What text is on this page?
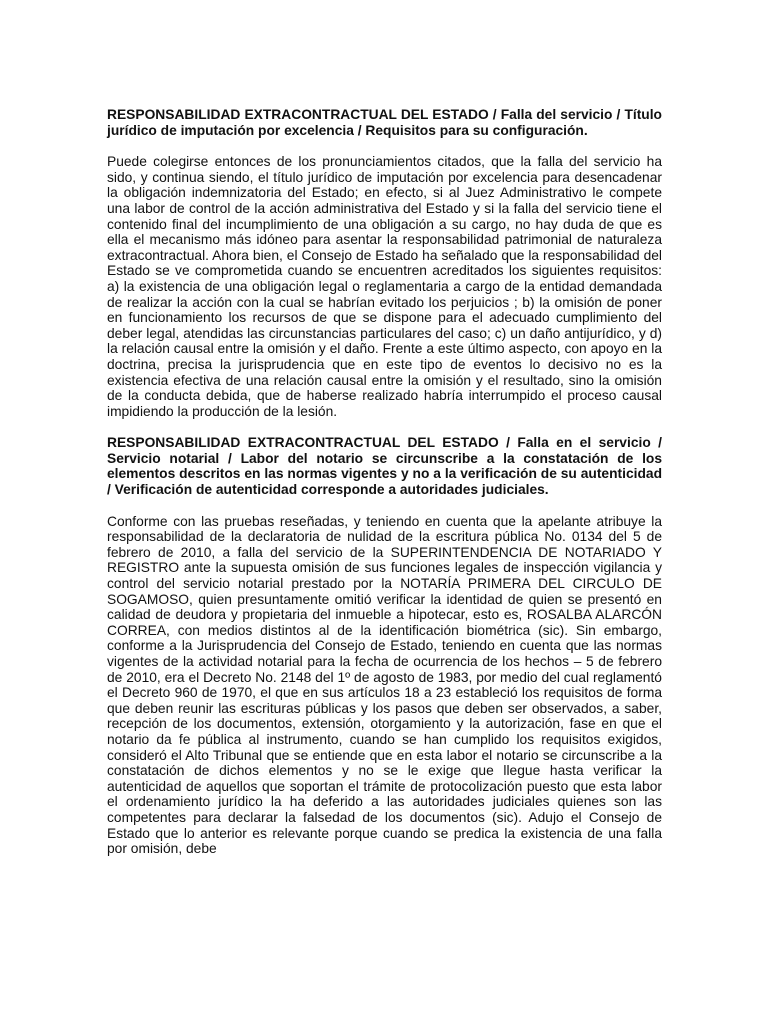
RESPONSABILIDAD EXTRACONTRACTUAL DEL ESTADO / Falla del servicio / Título jurídico de imputación por excelencia / Requisitos para su configuración.

Puede colegirse entonces de los pronunciamientos citados, que la falla del servicio ha sido, y continua siendo, el título jurídico de imputación por excelencia para desencadenar la obligación indemnizatoria del Estado; en efecto, si al Juez Administrativo le compete una labor de control de la acción administrativa del Estado y si la falla del servicio tiene el contenido final del incumplimiento de una obligación a su cargo, no hay duda de que es ella el mecanismo más idóneo para asentar la responsabilidad patrimonial de naturaleza extracontractual. Ahora bien, el Consejo de Estado ha señalado que la responsabilidad del Estado se ve comprometida cuando se encuentren acreditados los siguientes requisitos: a) la existencia de una obligación legal o reglamentaria a cargo de la entidad demandada de realizar la acción con la cual se habrían evitado los perjuicios ; b) la omisión de poner en funcionamiento los recursos de que se dispone para el adecuado cumplimiento del deber legal, atendidas las circunstancias particulares del caso; c) un daño antijurídico, y d) la relación causal entre la omisión y el daño. Frente a este último aspecto, con apoyo en la doctrina, precisa la jurisprudencia que en este tipo de eventos lo decisivo no es la existencia efectiva de una relación causal entre la omisión y el resultado, sino la omisión de la conducta debida, que de haberse realizado habría interrumpido el proceso causal impidiendo la producción de la lesión.

RESPONSABILIDAD EXTRACONTRACTUAL DEL ESTADO / Falla en el servicio / Servicio notarial / Labor del notario se circunscribe a la constatación de los elementos descritos en las normas vigentes y no a la verificación de su autenticidad / Verificación de autenticidad corresponde a autoridades judiciales.

Conforme con las pruebas reseñadas, y teniendo en cuenta que la apelante atribuye la responsabilidad de la declaratoria de nulidad de la escritura pública No. 0134 del 5 de febrero de 2010, a falla del servicio de la SUPERINTENDENCIA DE NOTARIADO Y REGISTRO ante la supuesta omisión de sus funciones legales de inspección vigilancia y control del servicio notarial prestado por la NOTARÍA PRIMERA DEL CIRCULO DE SOGAMOSO, quien presuntamente omitió verificar la identidad de quien se presentó en calidad de deudora y propietaria del inmueble a hipotecar, esto es, ROSALBA ALARCÓN CORREA, con medios distintos al de la identificación biométrica (sic). Sin embargo, conforme a la Jurisprudencia del Consejo de Estado, teniendo en cuenta que las normas vigentes de la actividad notarial para la fecha de ocurrencia de los hechos – 5 de febrero de 2010, era el Decreto No. 2148 del 1º de agosto de 1983, por medio del cual reglamentó el Decreto 960 de 1970, el que en sus artículos 18 a 23 estableció los requisitos de forma que deben reunir las escrituras públicas y los pasos que deben ser observados, a saber, recepción de los documentos, extensión, otorgamiento y la autorización, fase en que el notario da fe pública al instrumento, cuando se han cumplido los requisitos exigidos, consideró el Alto Tribunal que se entiende que en esta labor el notario se circunscribe a la constatación de dichos elementos y no se le exige que llegue hasta verificar la autenticidad de aquellos que soportan el trámite de protocolización puesto que esta labor el ordenamiento jurídico la ha deferido a las autoridades judiciales quienes son las competentes para declarar la falsedad de los documentos (sic). Adujo el Consejo de Estado que lo anterior es relevante porque cuando se predica la existencia de una falla por omisión, debe
